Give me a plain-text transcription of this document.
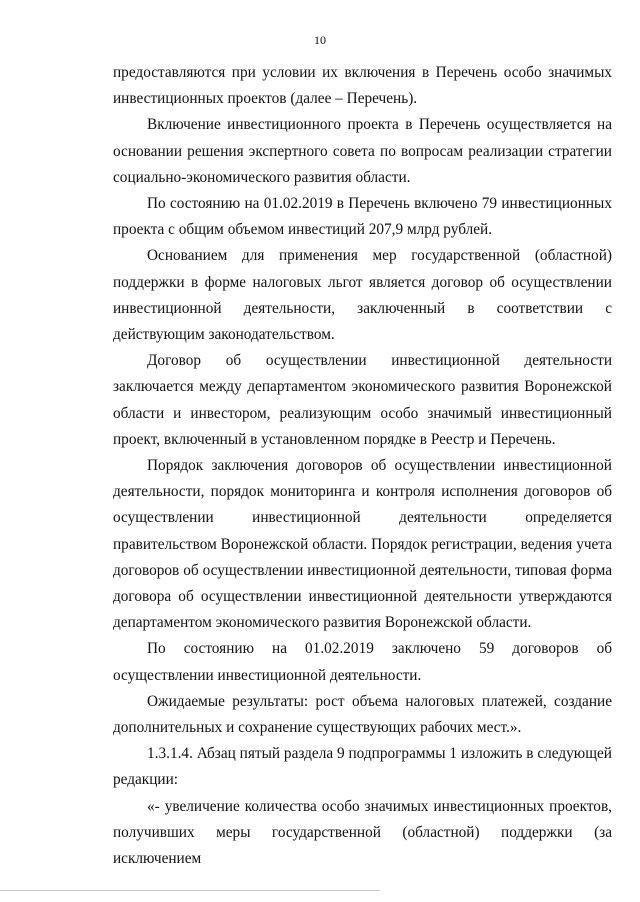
10

предоставляются при условии их включения в Перечень особо значимых инвестиционных проектов (далее – Перечень).

Включение инвестиционного проекта в Перечень осуществляется на основании решения экспертного совета по вопросам реализации стратегии социально-экономического развития области.

По состоянию на 01.02.2019 в Перечень включено 79 инвестиционных проекта с общим объемом инвестиций 207,9 млрд рублей.

Основанием для применения мер государственной (областной) поддержки в форме налоговых льгот является договор об осуществлении инвестиционной деятельности, заключенный в соответствии с действующим законодательством.

Договор об осуществлении инвестиционной деятельности заключается между департаментом экономического развития Воронежской области и инвестором, реализующим особо значимый инвестиционный проект, включенный в установленном порядке в Реестр и Перечень.

Порядок заключения договоров об осуществлении инвестиционной деятельности, порядок мониторинга и контроля исполнения договоров об осуществлении инвестиционной деятельности определяется правительством Воронежской области. Порядок регистрации, ведения учета договоров об осуществлении инвестиционной деятельности, типовая форма договора об осуществлении инвестиционной деятельности утверждаются департаментом экономического развития Воронежской области.

По состоянию на 01.02.2019 заключено 59 договоров об осуществлении инвестиционной деятельности.

Ожидаемые результаты: рост объема налоговых платежей, создание дополнительных и сохранение существующих рабочих мест.».

1.3.1.4. Абзац пятый раздела 9 подпрограммы 1 изложить в следующей редакции:

«- увеличение количества особо значимых инвестиционных проектов, получивших меры государственной (областной) поддержки (за исключением
